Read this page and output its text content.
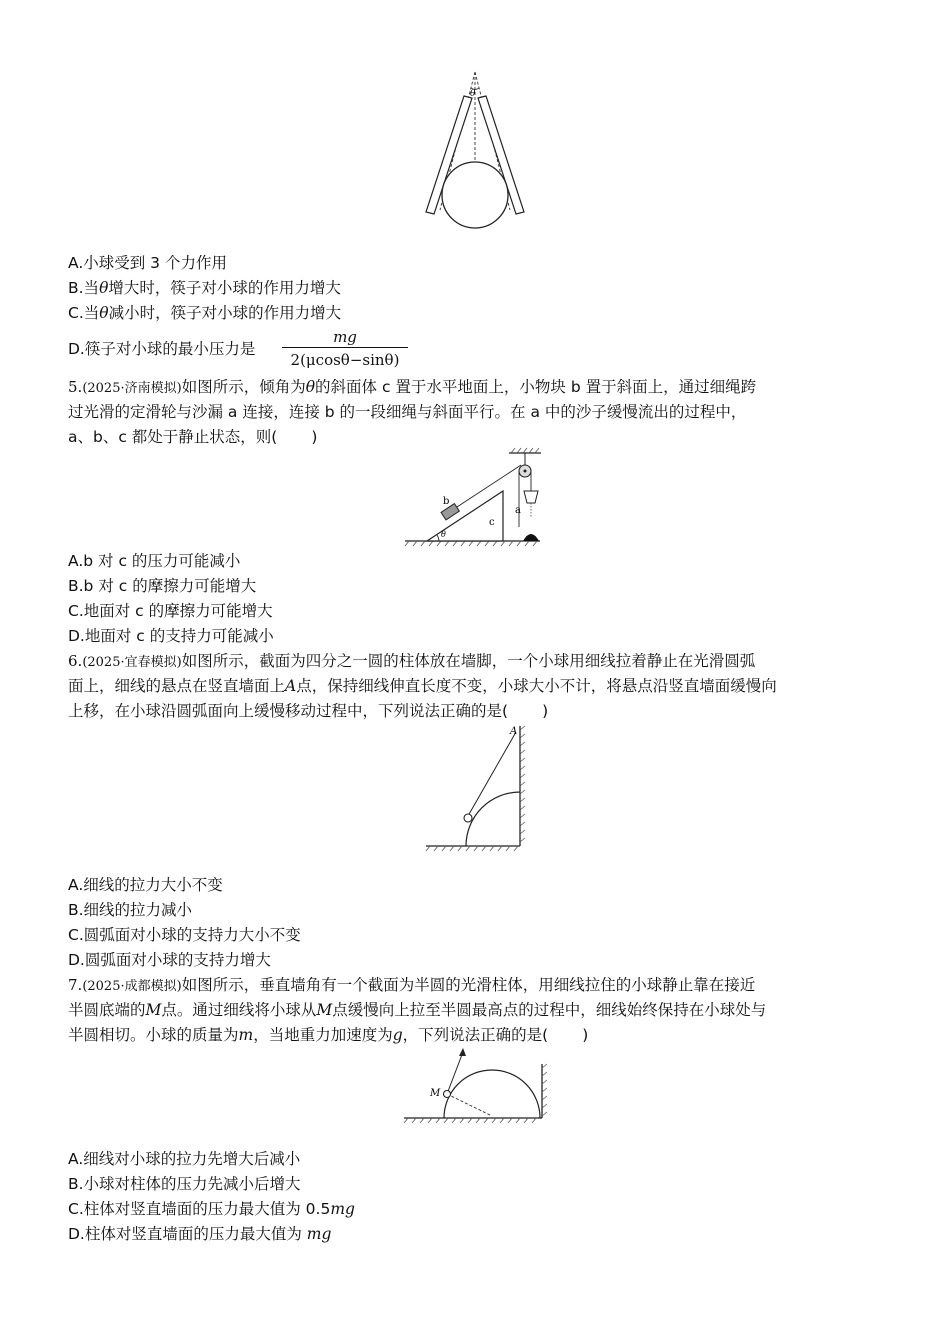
θ
A.小球受到 3 个力作用
B.当θ增大时，筷子对小球的作用力增大
C.当θ减小时，筷子对小球的作用力增大
D.筷子对小球的最小压力是
mg
2(μcosθ−sinθ)
5.(2025·济南模拟)如图所示，倾角为θ的斜面体 c 置于水平地面上，小物块 b 置于斜面上，通过细绳跨
过光滑的定滑轮与沙漏 a 连接，连接 b 的一段细绳与斜面平行。在 a 中的沙子缓慢流出的过程中，
a、b、c 都处于静止状态，则( )
θ
c
b
a
A.b 对 c 的压力可能减小
B.b 对 c 的摩擦力可能增大
C.地面对 c 的摩擦力可能增大
D.地面对 c 的支持力可能减小
6.(2025·宜春模拟)如图所示，截面为四分之一圆的柱体放在墙脚，一个小球用细线拉着静止在光滑圆弧
面上，细线的悬点在竖直墙面上A点，保持细线伸直长度不变，小球大小不计，将悬点沿竖直墙面缓慢向
上移，在小球沿圆弧面向上缓慢移动过程中，下列说法正确的是( )
A
A.细线的拉力大小不变
B.细线的拉力减小
C.圆弧面对小球的支持力大小不变
D.圆弧面对小球的支持力增大
7.(2025·成都模拟)如图所示，垂直墙角有一个截面为半圆的光滑柱体，用细线拉住的小球静止靠在接近
半圆底端的M点。通过细线将小球从M点缓慢向上拉至半圆最高点的过程中，细线始终保持在小球处与
半圆相切。小球的质量为m，当地重力加速度为g，下列说法正确的是( )
M
A.细线对小球的拉力先增大后减小
B.小球对柱体的压力先减小后增大
C.柱体对竖直墙面的压力最大值为 0.5mg
D.柱体对竖直墙面的压力最大值为 mg
